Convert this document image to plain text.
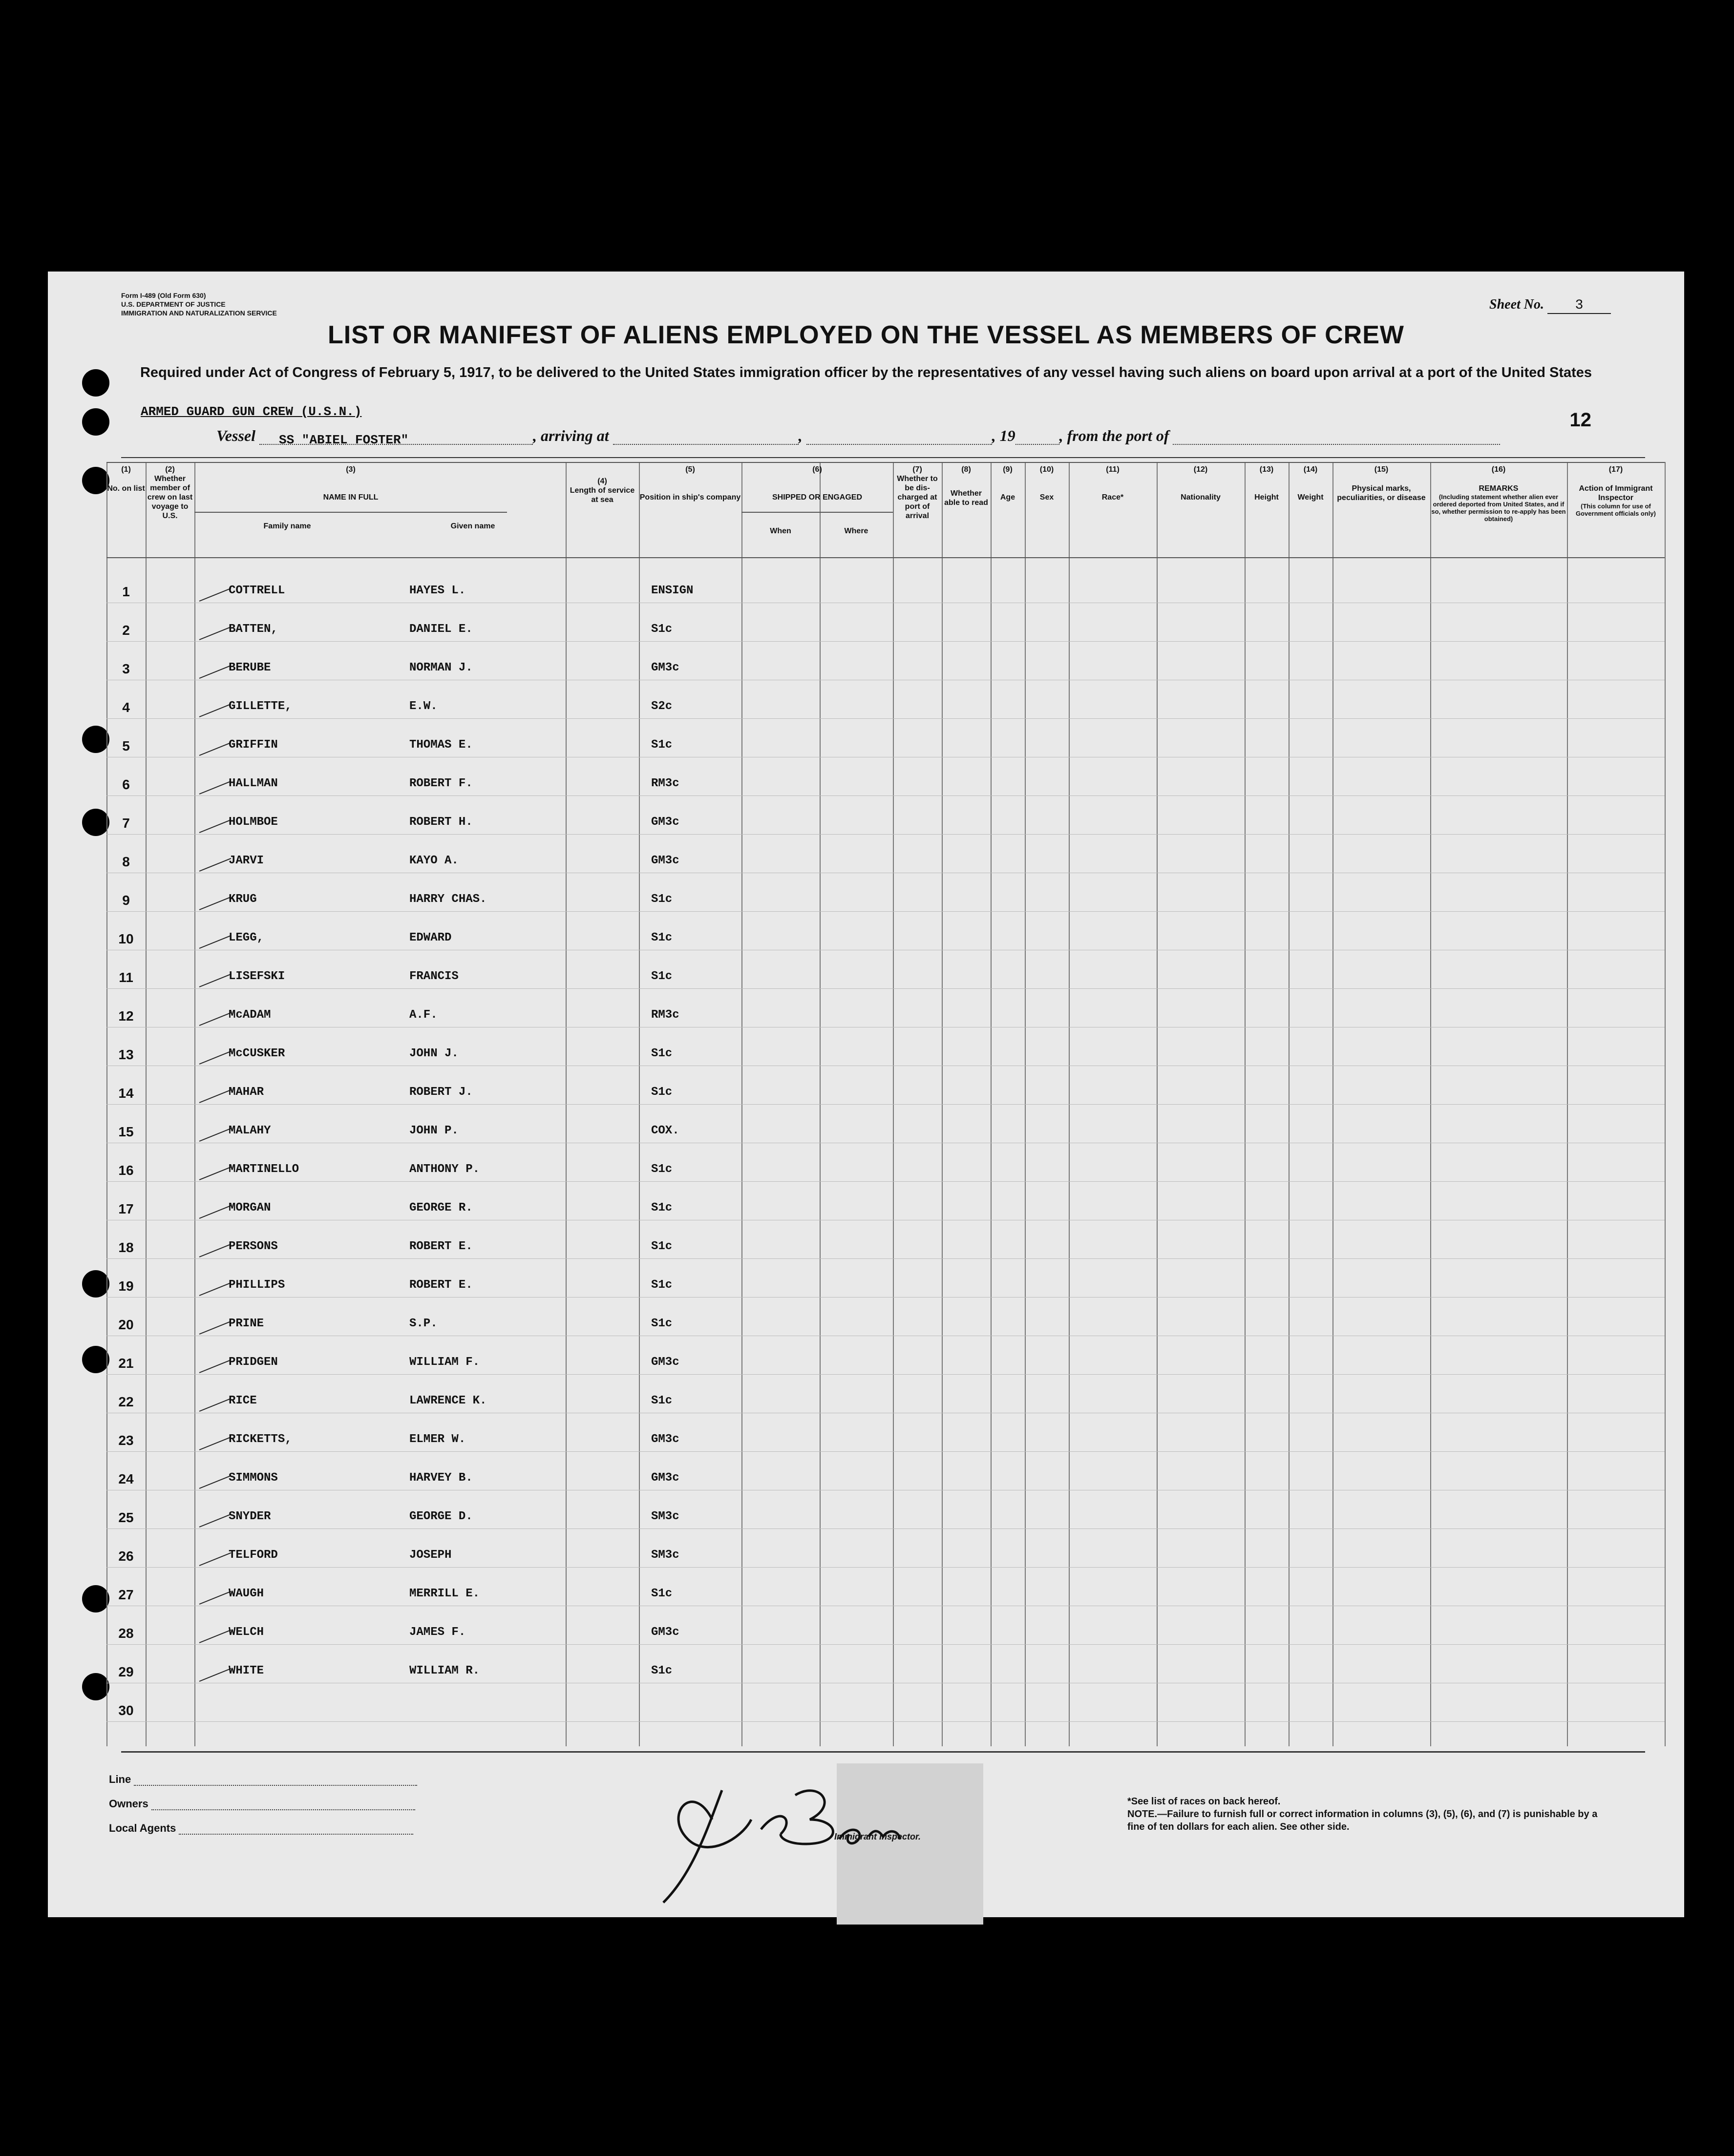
Form I-489 (Old Form 630)
U.S. DEPARTMENT OF JUSTICE
IMMIGRATION AND NATURALIZATION SERVICE
Sheet No. 3
LIST OR MANIFEST OF ALIENS EMPLOYED ON THE VESSEL AS MEMBERS OF CREW
Required under Act of Congress of February 5, 1917, to be delivered to the United States immigration officer by the representatives of any vessel having such aliens on board upon arrival at a port of the United States
ARMED GUARD GUN CREW (U.S.N.)
Vessel SS "ABIEL FOSTER"	, arriving at	,	, 19	, from the port of
12
(1)
No. on list
(2)
Whether member of crew on last voyage to U.S.
(3)
NAME IN FULL
Family name	Given name
(4)
Length of service at sea
(5)
Position in ship's company
(6)
SHIPPED OR ENGAGED
When	Where
(7)
Whether to be dis-charged at port of arrival
(8)
Whether able to read
(9)
Age
(10)
Sex
(11)
Race*
(12)
Nationality
(13)
Height
(14)
Weight
(15)
Physical marks, peculiarities, or disease
(16)
REMARKS
(Including statement whether alien ever ordered deported from United States, and if so, whether permission to re-apply has been obtained)
(17)
Action of Immigrant Inspector
(This column for use of Government officials only)
1	COTTRELL	HAYES L.	ENSIGN
2	BATTEN,	DANIEL E.	S1c
3	BERUBE	NORMAN J.	GM3c
4	GILLETTE,	E.W.	S2c
5	GRIFFIN	THOMAS E.	S1c
6	HALLMAN	ROBERT F.	RM3c
7	HOLMBOE	ROBERT H.	GM3c
8	JARVI	KAYO A.	GM3c
9	KRUG	HARRY CHAS.	S1c
10	LEGG,	EDWARD	S1c
11	LISEFSKI	FRANCIS	S1c
12	McADAM	A.F.	RM3c
13	McCUSKER	JOHN J.	S1c
14	MAHAR	ROBERT J.	S1c
15	MALAHY	JOHN P.	COX.
16	MARTINELLO	ANTHONY P.	S1c
17	MORGAN	GEORGE R.	S1c
18	PERSONS	ROBERT E.	S1c
19	PHILLIPS	ROBERT E.	S1c
20	PRINE	S.P.	S1c
21	PRIDGEN	WILLIAM F.	GM3c
22	RICE	LAWRENCE K.	S1c
23	RICKETTS,	ELMER W.	GM3c
24	SIMMONS	HARVEY B.	GM3c
25	SNYDER	GEORGE D.	SM3c
26	TELFORD	JOSEPH	SM3c
27	WAUGH	MERRILL E.	S1c
28	WELCH	JAMES F.	GM3c
29	WHITE	WILLIAM R.	S1c
30
Line
Owners
Local Agents
Immigrant Inspector.
*See list of races on back hereof.
NOTE.—Failure to furnish full or correct information in columns (3), (5), (6), and (7) is punishable by a fine of ten dollars for each alien. See other side.
